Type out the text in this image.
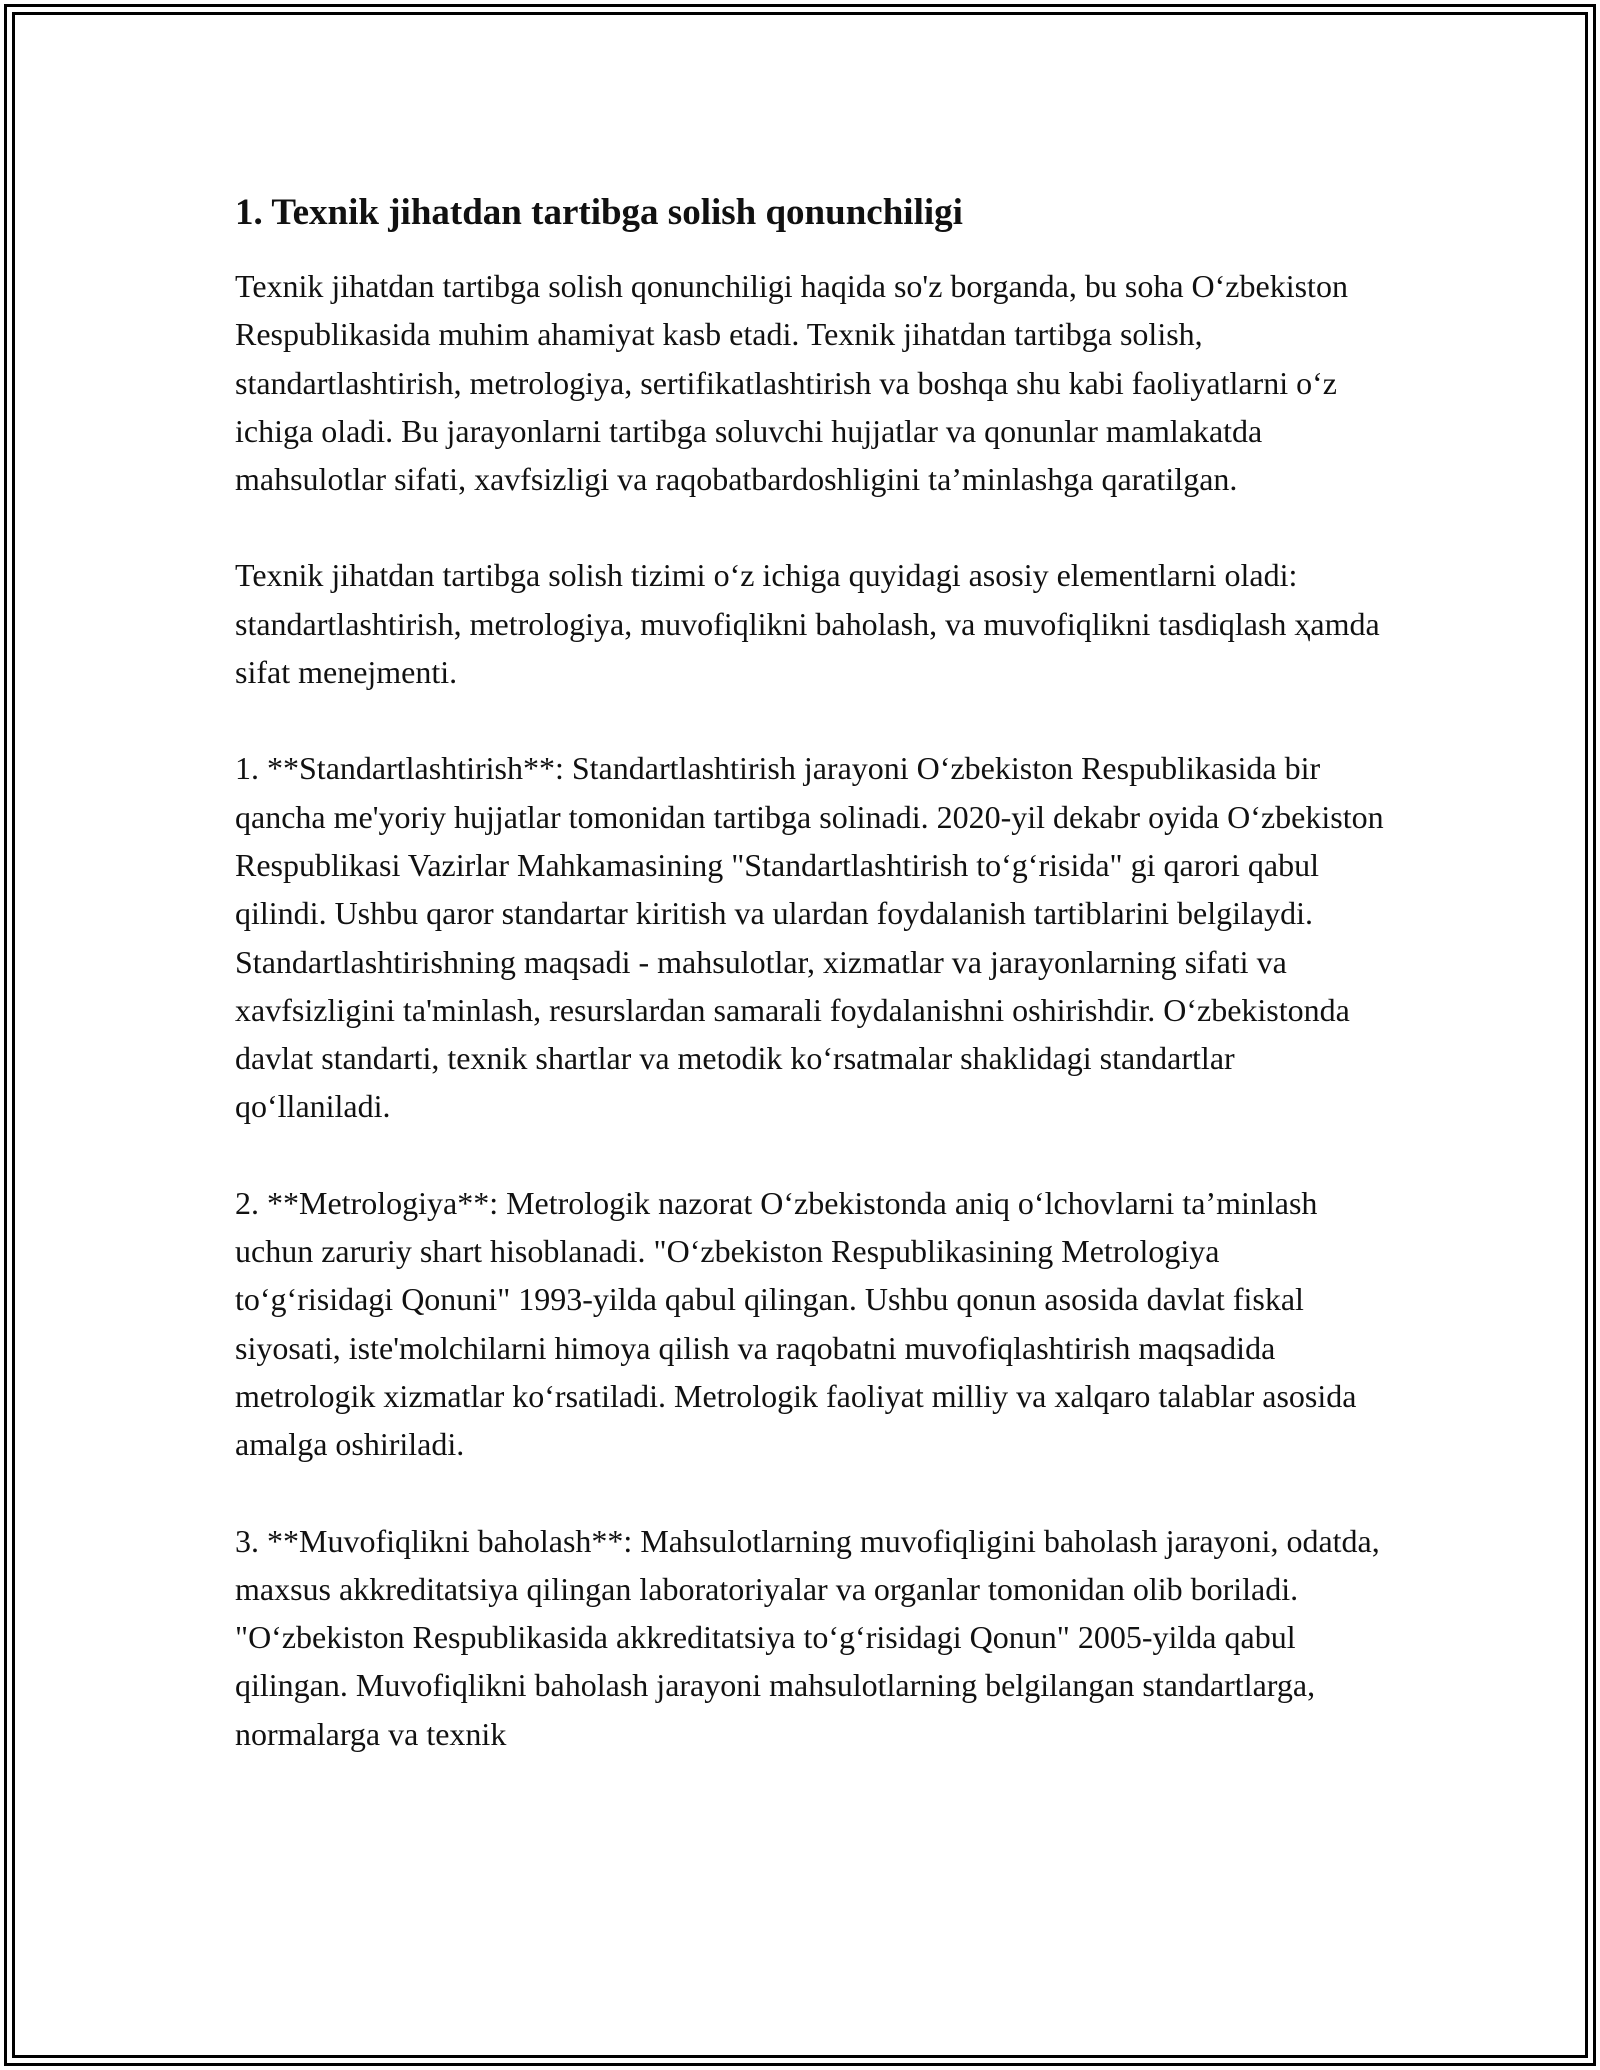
1. Texnik jihatdan tartibga solish qonunchiligi

Texnik jihatdan tartibga solish qonunchiligi haqida so'z borganda, bu soha O‘zbekiston Respublikasida muhim ahamiyat kasb etadi. Texnik jihatdan tartibga solish, standartlashtirish, metrologiya, sertifikatlashtirish va boshqa shu kabi faoliyatlarni o‘z ichiga oladi. Bu jarayonlarni tartibga soluvchi hujjatlar va qonunlar mamlakatda mahsulotlar sifati, xavfsizligi va raqobatbardoshligini ta’minlashga qaratilgan.

Texnik jihatdan tartibga solish tizimi o‘z ichiga quyidagi asosiy elementlarni oladi: standartlashtirish, metrologiya, muvofiqlikni baholash, va muvofiqlikni tasdiqlash ҳamda sifat menejmenti.

1. **Standartlashtirish**: Standartlashtirish jarayoni O‘zbekiston Respublikasida bir qancha me'yoriy hujjatlar tomonidan tartibga solinadi. 2020-yil dekabr oyida O‘zbekiston Respublikasi Vazirlar Mahkamasining "Standartlashtirish to‘g‘risida" gi qarori qabul qilindi. Ushbu qaror standartar kiritish va ulardan foydalanish tartiblarini belgilaydi. Standartlashtirishning maqsadi - mahsulotlar, xizmatlar va jarayonlarning sifati va xavfsizligini ta'minlash, resurslardan samarali foydalanishni oshirishdir. O‘zbekistonda davlat standarti, texnik shartlar va metodik ko‘rsatmalar shaklidagi standartlar qo‘llaniladi.

2. **Metrologiya**: Metrologik nazorat O‘zbekistonda aniq o‘lchovlarni ta’minlash uchun zaruriy shart hisoblanadi. "O‘zbekiston Respublikasining Metrologiya to‘g‘risidagi Qonuni" 1993-yilda qabul qilingan. Ushbu qonun asosida davlat fiskal siyosati, iste'molchilarni himoya qilish va raqobatni muvofiqlashtirish maqsadida metrologik xizmatlar ko‘rsatiladi. Metrologik faoliyat milliy va xalqaro talablar asosida amalga oshiriladi.

3. **Muvofiqlikni baholash**: Mahsulotlarning muvofiqligini baholash jarayoni, odatda, maxsus akkreditatsiya qilingan laboratoriyalar va organlar tomonidan olib boriladi. "O‘zbekiston Respublikasida akkreditatsiya to‘g‘risidagi Qonun" 2005-yilda qabul qilingan. Muvofiqlikni baholash jarayoni mahsulotlarning belgilangan standartlarga, normalarga va texnik
